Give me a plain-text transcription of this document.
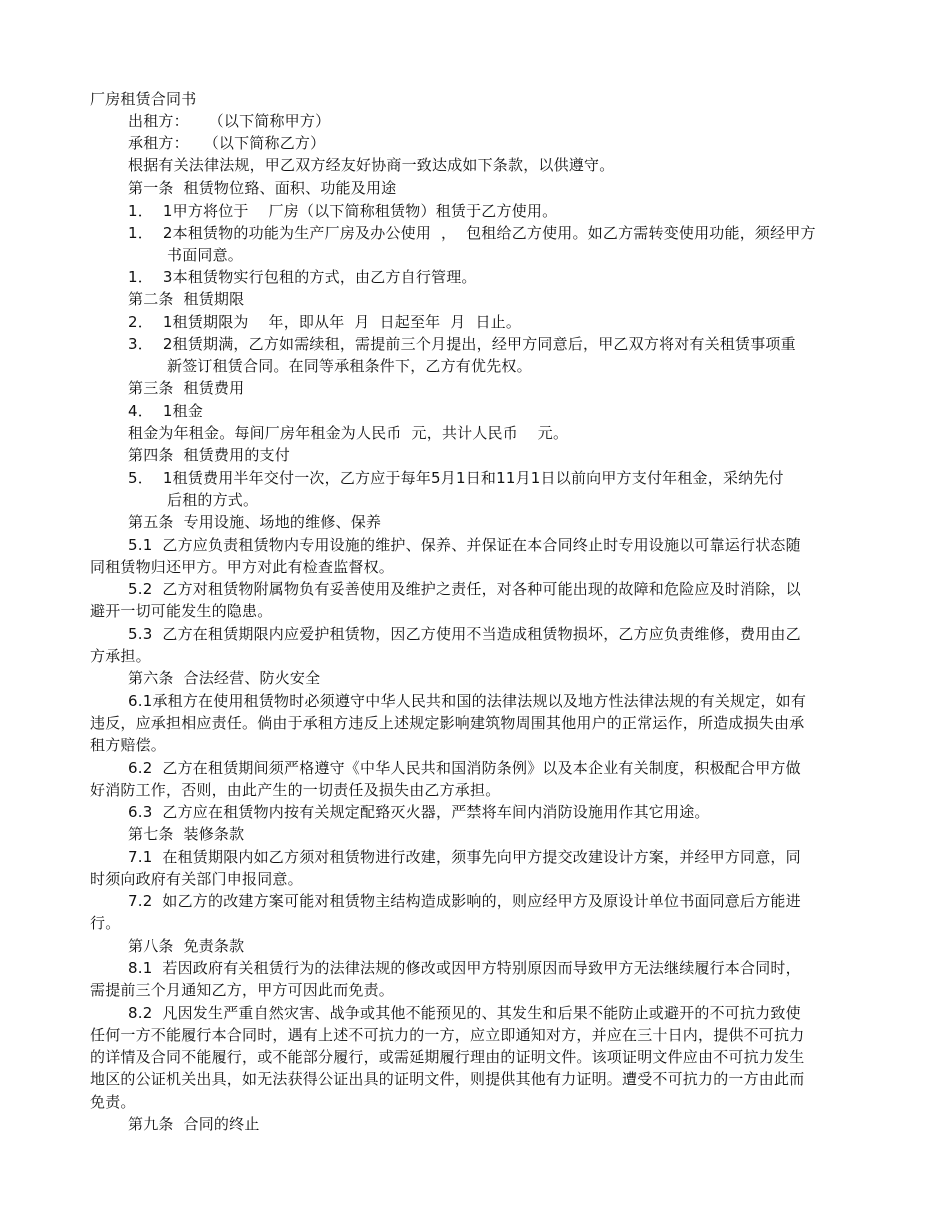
厂房租赁合同书
出租方：    （以下简称甲方）
承租方：   （以下简称乙方）
根据有关法律法规，甲乙双方经友好协商一致达成如下条款，以供遵守。
第一条  租赁物位臵、面积、功能及用途
1．  1甲方将位于    厂房（以下简称租赁物）租赁于乙方使用。
1．  2本租赁物的功能为生产厂房及办公使用  ，  包租给乙方使用。如乙方需转变使用功能，须经甲方
书面同意。
1．  3本租赁物实行包租的方式，由乙方自行管理。
第二条  租赁期限
2．  1租赁期限为    年，即从年  月  日起至年  月  日止。
3．  2租赁期满，乙方如需续租，需提前三个月提出，经甲方同意后，甲乙双方将对有关租赁事项重
新签订租赁合同。在同等承租条件下，乙方有优先权。
第三条  租赁费用
4．  1租金
租金为年租金。每间厂房年租金为人民币  元，共计人民币    元。
第四条  租赁费用的支付
5．  1租赁费用半年交付一次，乙方应于每年5月1日和11月1日以前向甲方支付年租金，采纳先付
后租的方式。
第五条  专用设施、场地的维修、保养
5.1  乙方应负责租赁物内专用设施的维护、保养、并保证在本合同终止时专用设施以可靠运行状态随
同租赁物归还甲方。甲方对此有检查监督权。
5.2  乙方对租赁物附属物负有妥善使用及维护之责任，对各种可能出现的故障和危险应及时消除，以
避开一切可能发生的隐患。
5.3  乙方在租赁期限内应爱护租赁物，因乙方使用不当造成租赁物损坏，乙方应负责维修，费用由乙
方承担。
第六条  合法经营、防火安全
6.1承租方在使用租赁物时必须遵守中华人民共和国的法律法规以及地方性法律法规的有关规定，如有
违反，应承担相应责任。倘由于承租方违反上述规定影响建筑物周围其他用户的正常运作，所造成损失由承
租方赔偿。
6.2  乙方在租赁期间须严格遵守《中华人民共和国消防条例》以及本企业有关制度，积极配合甲方做
好消防工作，否则，由此产生的一切责任及损失由乙方承担。
6.3  乙方应在租赁物内按有关规定配臵灭火器，严禁将车间内消防设施用作其它用途。
第七条  装修条款
7.1  在租赁期限内如乙方须对租赁物进行改建，须事先向甲方提交改建设计方案，并经甲方同意，同
时须向政府有关部门申报同意。
7.2  如乙方的改建方案可能对租赁物主结构造成影响的，则应经甲方及原设计单位书面同意后方能进
行。
第八条  免责条款
8.1  若因政府有关租赁行为的法律法规的修改或因甲方特别原因而导致甲方无法继续履行本合同时，
需提前三个月通知乙方，甲方可因此而免责。
8.2  凡因发生严重自然灾害、战争或其他不能预见的、其发生和后果不能防止或避开的不可抗力致使
任何一方不能履行本合同时，遇有上述不可抗力的一方，应立即通知对方，并应在三十日内，提供不可抗力
的详情及合同不能履行，或不能部分履行，或需延期履行理由的证明文件。该项证明文件应由不可抗力发生
地区的公证机关出具，如无法获得公证出具的证明文件，则提供其他有力证明。遭受不可抗力的一方由此而
免责。
第九条  合同的终止
